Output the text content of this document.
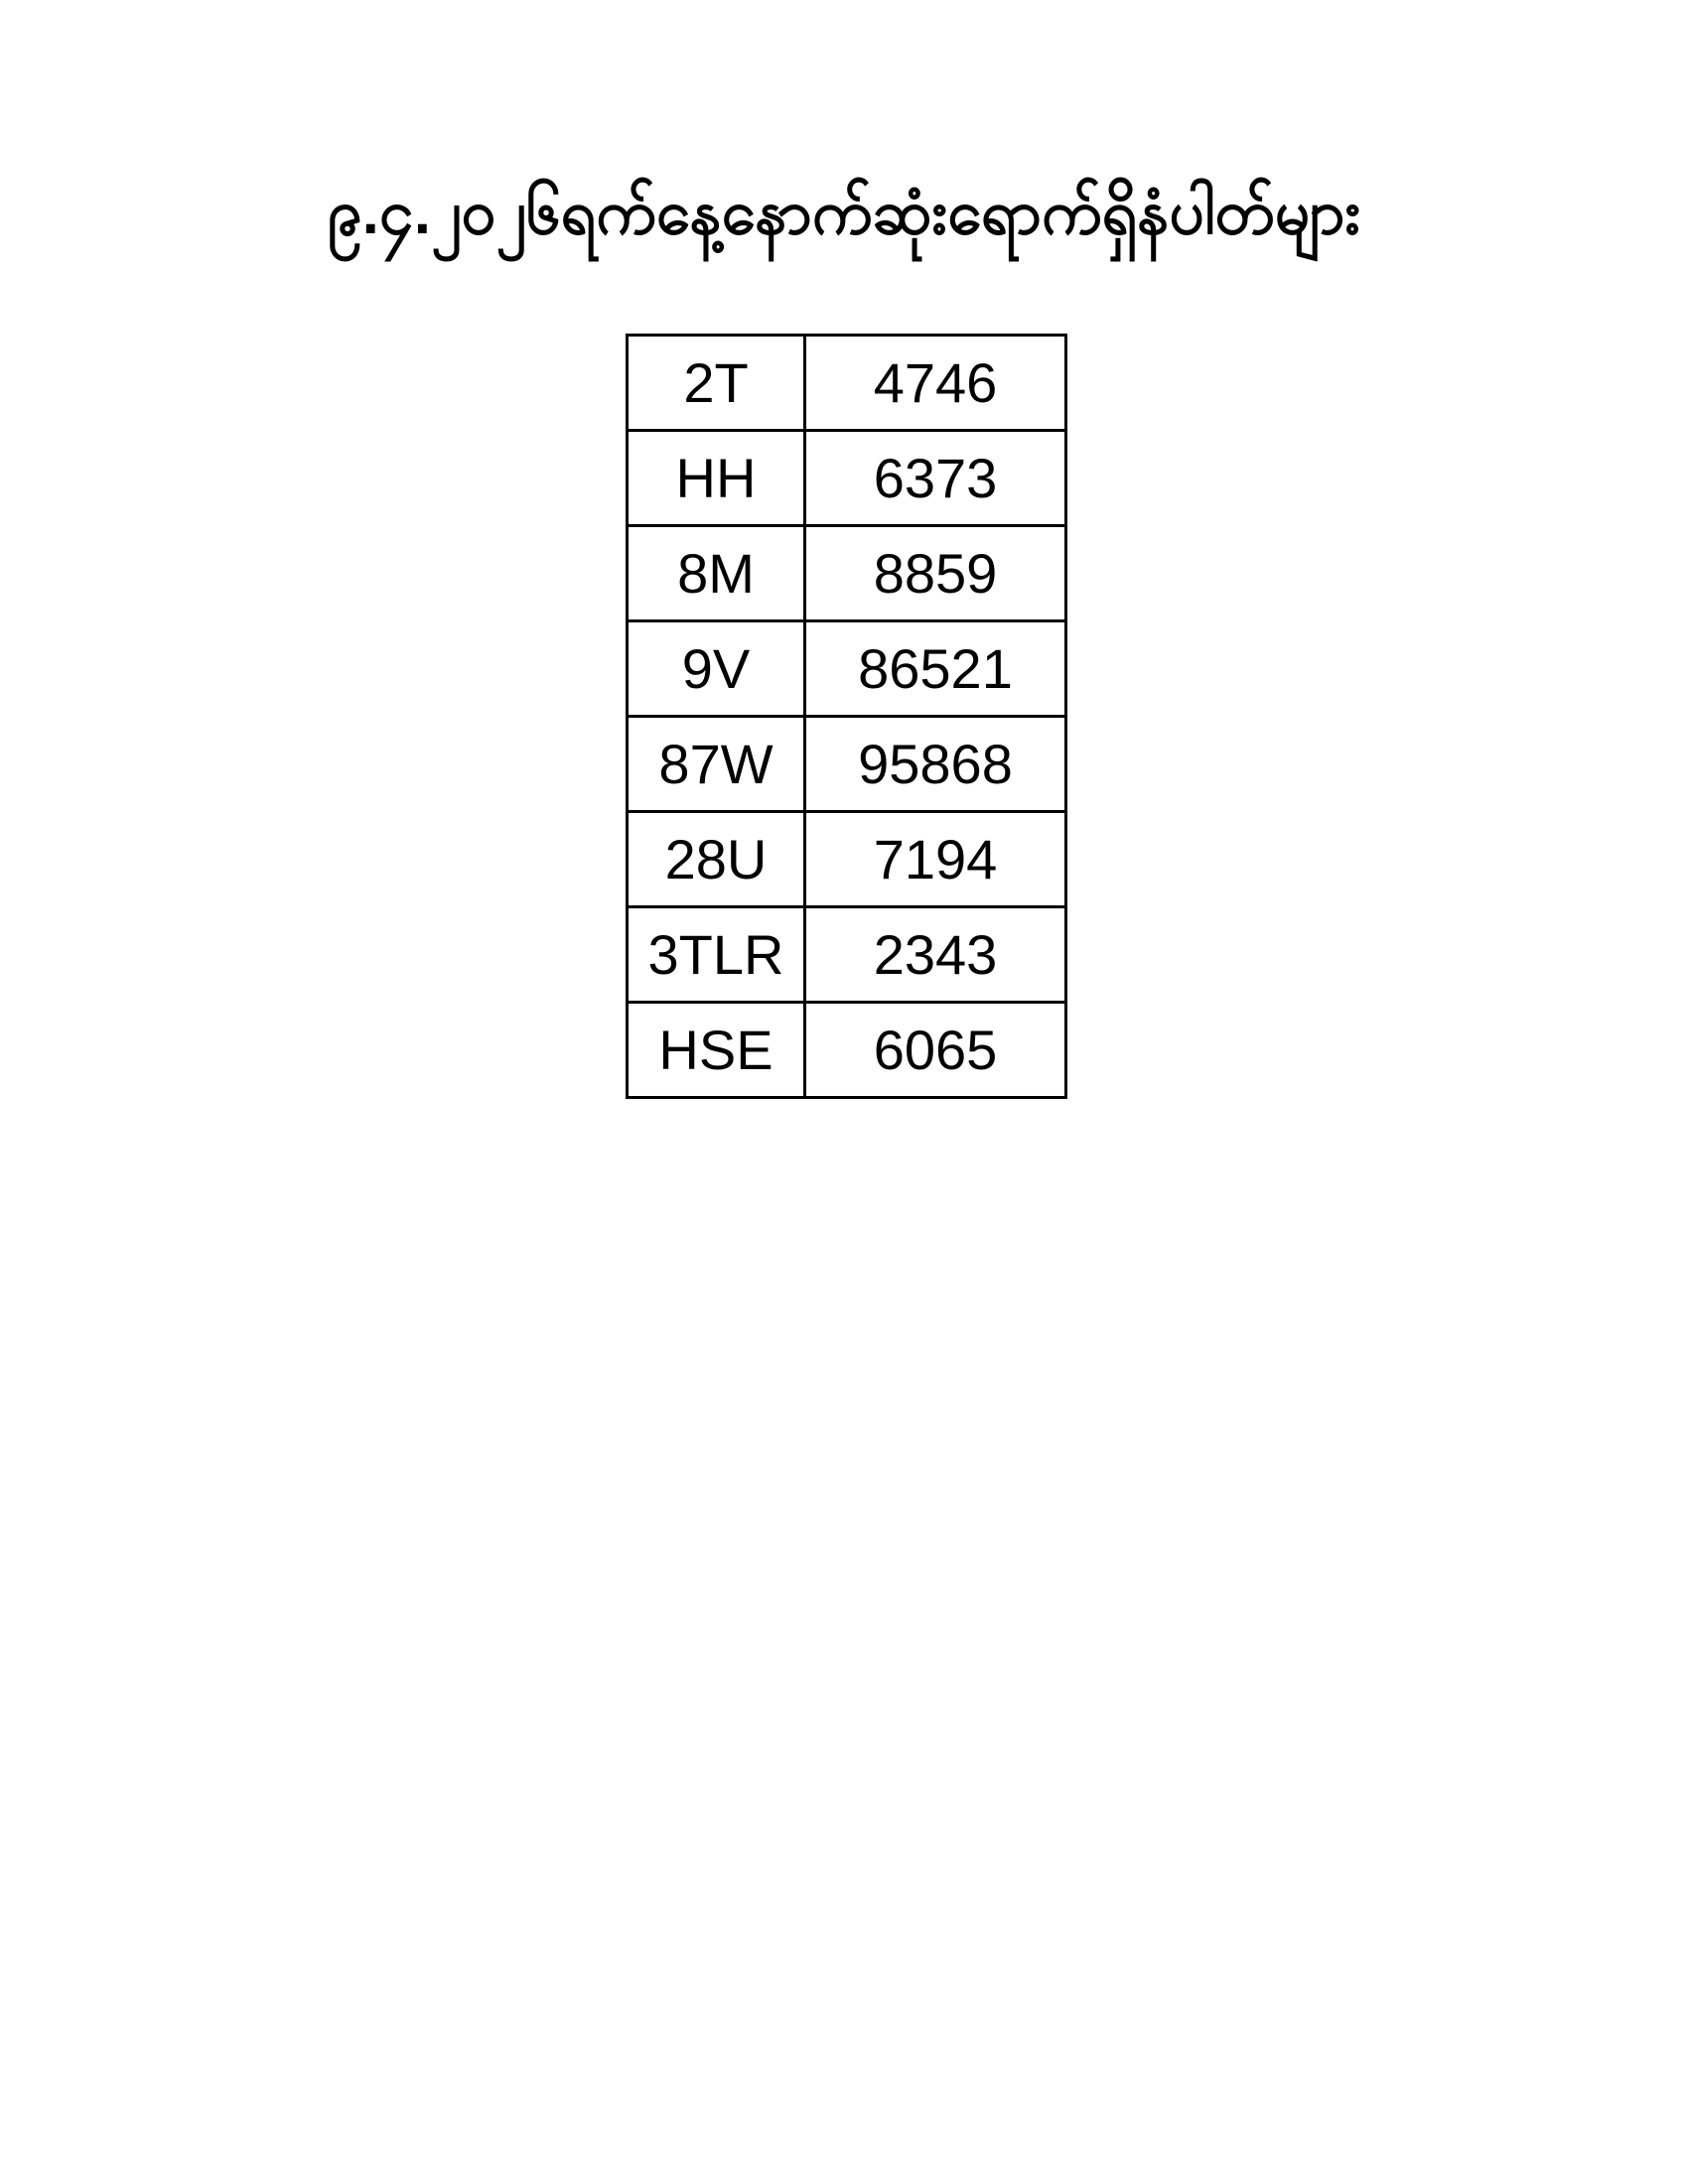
၉.၄.၂၀၂၆ရက်နေ့နောက်ဆုံးရောက်ရှိနံပါတ်များ
2T	4746
HH	6373
8M	8859
9V	86521
87W	95868
28U	7194
3TLR	2343
HSE	6065
